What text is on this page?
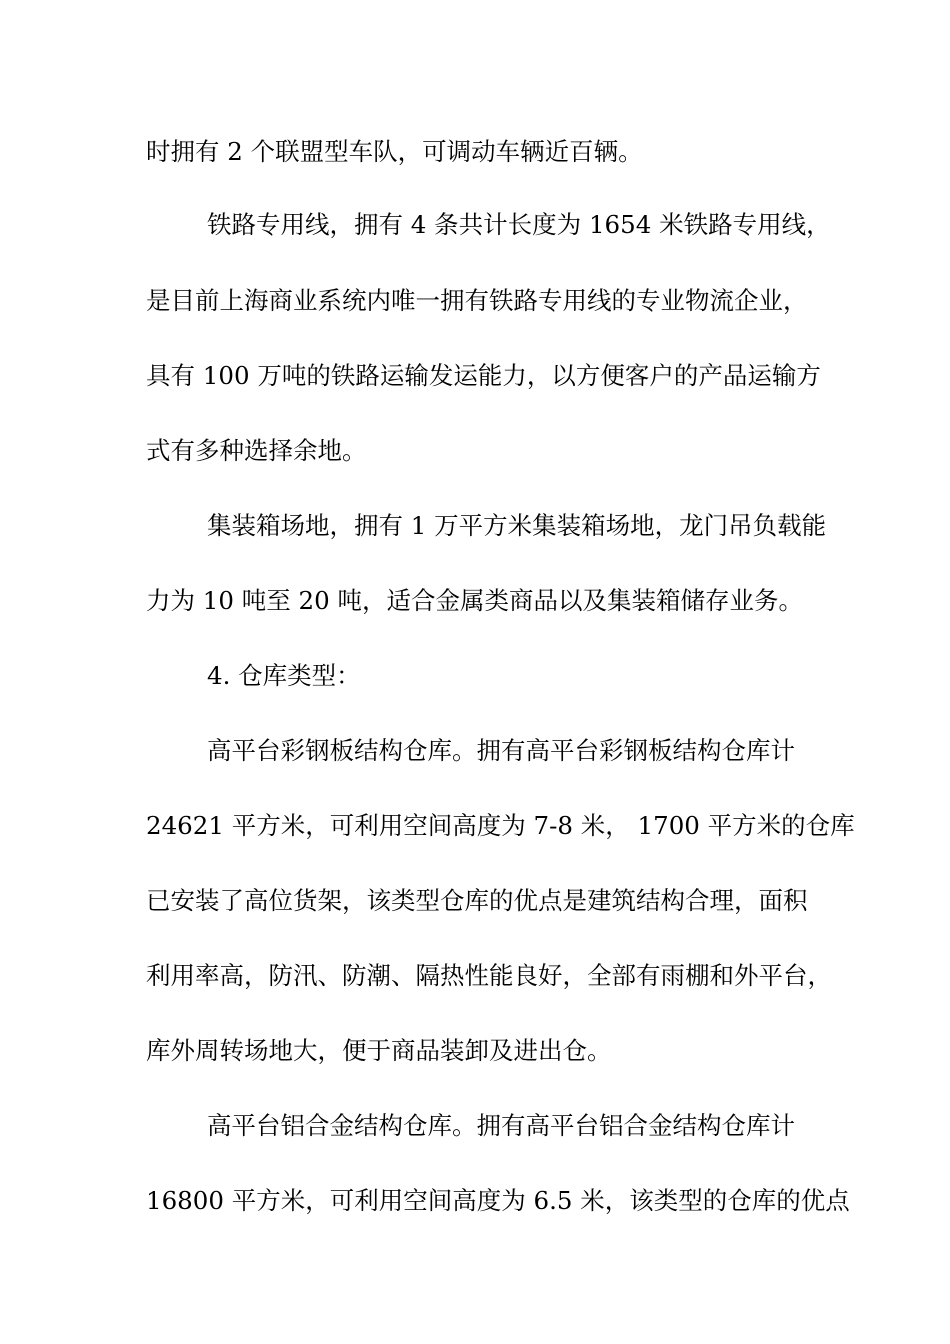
时拥有 2 个联盟型车队，可调动车辆近百辆。

铁路专用线，拥有 4 条共计长度为 1654 米铁路专用线，

是目前上海商业系统内唯一拥有铁路专用线的专业物流企业，

具有 100 万吨的铁路运输发运能力，以方便客户的产品运输方

式有多种选择余地。

集装箱场地，拥有 1 万平方米集装箱场地，龙门吊负载能

力为 10 吨至 20 吨，适合金属类商品以及集装箱储存业务。

4. 仓库类型：

高平台彩钢板结构仓库。拥有高平台彩钢板结构仓库计

24621 平方米，可利用空间高度为 7-8 米， 1700 平方米的仓库

已安装了高位货架，该类型仓库的优点是建筑结构合理，面积

利用率高，防汛、防潮、隔热性能良好，全部有雨棚和外平台，

库外周转场地大，便于商品装卸及进出仓。

高平台铝合金结构仓库。拥有高平台铝合金结构仓库计

16800 平方米，可利用空间高度为 6.5 米，该类型的仓库的优点
